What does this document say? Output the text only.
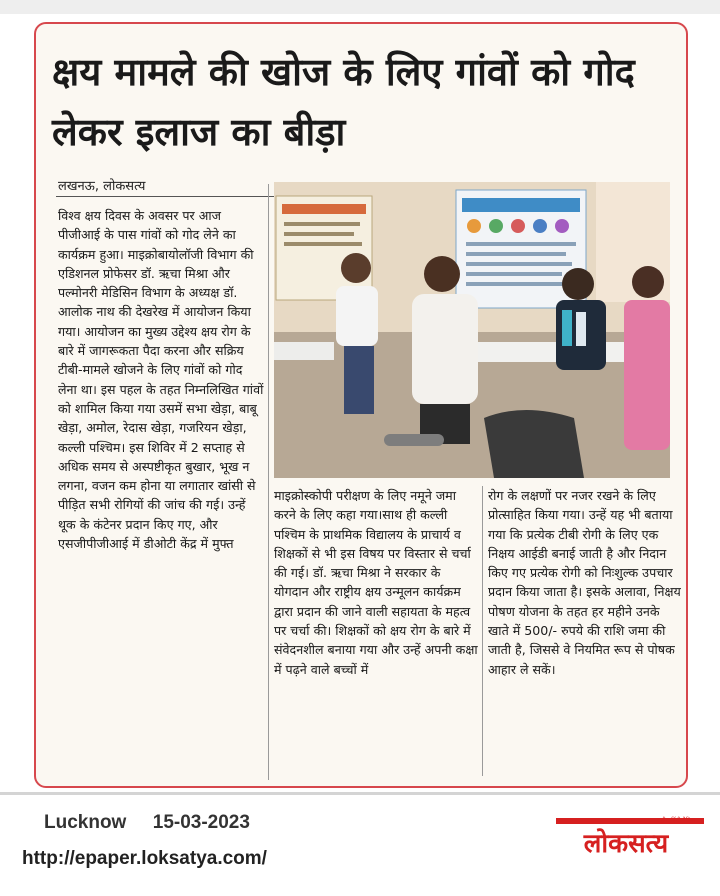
क्षय मामले की खोज के लिए गांवों को गोद लेकर इलाज का बीड़ा
लखनऊ, लोकसत्य

विश्व क्षय दिवस के अवसर पर आज पीजीआई के पास गांवों को गोद लेने का कार्यक्रम हुआ। माइक्रोबायोलॉजी विभाग की एडिशनल प्रोफेसर डॉ. ऋचा मिश्रा और पल्मोनरी मेडिसिन विभाग के अध्यक्ष डॉ. आलोक नाथ की देखरेख में आयोजन किया गया। आयोजन का मुख्य उद्देश्य क्षय रोग के बारे में जागरूकता पैदा करना और सक्रिय टीबी-मामले खोजने के लिए गांवों को गोद लेना था। इस पहल के तहत निम्नलिखित गांवों को शामिल किया गया उसमें सभा खेड़ा, बाबू खेड़ा, अमोल, रेदास खेड़ा, गजरियन खेड़ा, कल्ली पश्चिम। इस शिविर में 2 सप्ताह से अधिक समय से अस्पष्टीकृत बुखार, भूख न लगना, वजन कम होना या लगातार खांसी से पीड़ित सभी रोगियों की जांच की गई। उन्हें थूक के कंटेनर प्रदान किए गए, और एसजीपीजीआई में डीओटी केंद्र में मुफ्त

माइक्रोस्कोपी परीक्षण के लिए नमूने जमा करने के लिए कहा गया।साथ ही कल्ली पश्चिम के प्राथमिक विद्यालय के प्राचार्य व शिक्षकों से भी इस विषय पर विस्तार से चर्चा की गई। डॉ. ऋचा मिश्रा ने सरकार के योगदान और राष्ट्रीय क्षय उन्मूलन कार्यक्रम द्वारा प्रदान की जाने वाली सहायता के महत्व पर चर्चा की। शिक्षकों को क्षय रोग के बारे में संवेदनशील बनाया गया और उन्हें अपनी कक्षा में पढ़ने वाले बच्चों में

रोग के लक्षणों पर नजर रखने के लिए प्रोत्साहित किया गया। उन्हें यह भी बताया गया कि प्रत्येक टीबी रोगी के लिए एक निक्षय आईडी बनाई जाती है और निदान किए गए प्रत्येक रोगी को निःशुल्क उपचार प्रदान किया जाता है। इसके अलावा, निक्षय पोषण योजना के तहत हर महीने उनके खाते में 500/- रुपये की राशि जमा की जाती है, जिससे वे नियमित रूप से पोषक आहार ले सकें।

Lucknow 15-03-2023
http://epaper.loksatya.com/
राष्ट्रीय हिंदी दैनिक
लोकसत्य
